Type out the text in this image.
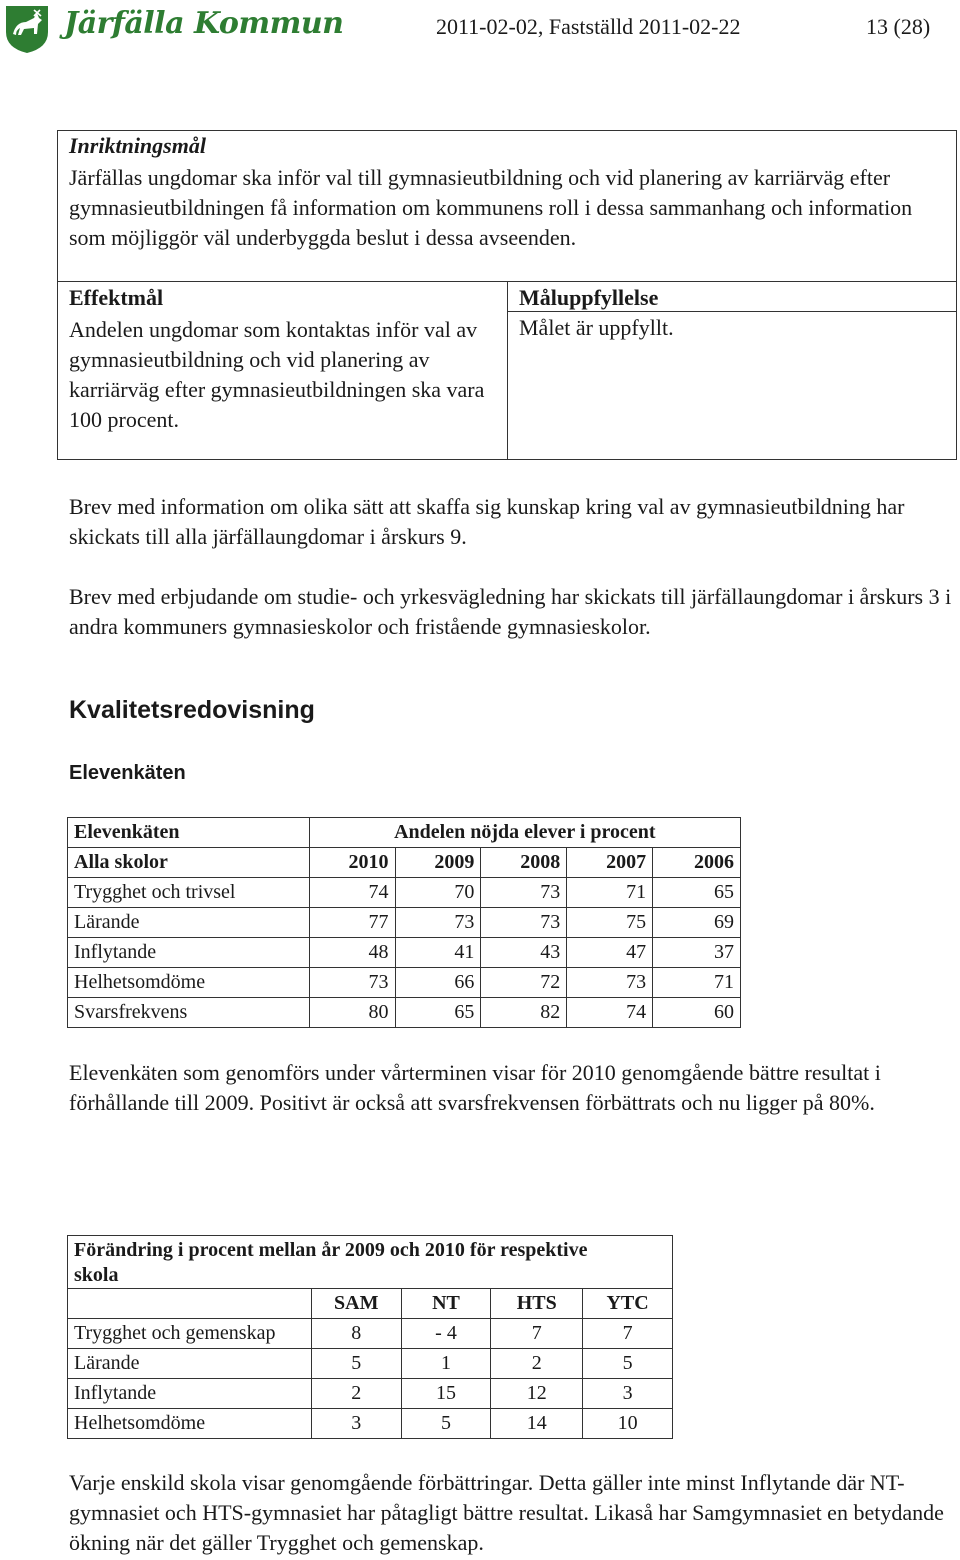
Järfälla Kommun	2011-02-02, Fastställd 2011-02-22	13 (28)
Inriktningsmål
Järfällas ungdomar ska inför val till gymnasieutbildning och vid planering av karriärväg efter gymnasieutbildningen få information om kommunens roll i dessa sammanhang och information som möjliggör väl underbyggda beslut i dessa avseenden.
Effektmål
Andelen ungdomar som kontaktas inför val av gymnasieutbildning och vid planering av karriärväg efter gymnasieutbildningen ska vara 100 procent.
Måluppfyllelse
Målet är uppfyllt.
Brev med information om olika sätt att skaffa sig kunskap kring val av gymnasieutbildning har skickats till alla järfällaungdomar i årskurs 9.
Brev med erbjudande om studie- och yrkesvägledning har skickats till järfällaungdomar i årskurs 3 i andra kommuners gymnasieskolor och fristående gymnasieskolor.
Kvalitetsredovisning
Elevenkäten
Elevenkäten	Andelen nöjda elever i procent				
Alla skolor	2010	2009	2008	2007	2006
Trygghet och trivsel	74	70	73	71	65
Lärande	77	73	73	75	69
Inflytande	48	41	43	47	37
Helhetsomdöme	73	66	72	73	71
Svarsfrekvens	80	65	82	74	60
Elevenkäten som genomförs under vårterminen visar för 2010 genomgående bättre resultat i förhållande till 2009. Positivt är också att svarsfrekvensen förbättrats och nu ligger på 80%.
Förändring i procent mellan år 2009 och 2010 för respektive skola				
	SAM	NT	HTS	YTC
Trygghet och gemenskap	8	- 4	7	7
Lärande	5	1	2	5
Inflytande	2	15	12	3
Helhetsomdöme	3	5	14	10
Varje enskild skola visar genomgående förbättringar. Detta gäller inte minst Inflytande där NT-gymnasiet och HTS-gymnasiet har påtagligt bättre resultat. Likaså har Samgymnasiet en betydande ökning när det gäller Trygghet och gemenskap.
